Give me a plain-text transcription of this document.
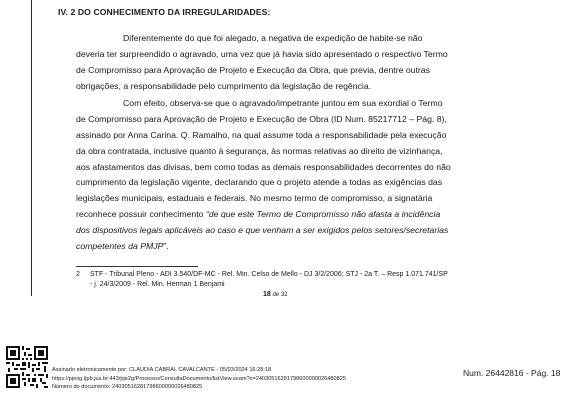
IV. 2 DO CONHECIMENTO DA IRREGULARIDADES:
Diferentemente do que foi alegado, a negativa de expedição de habite-se não
deveria ter surpreendido o agravado, uma vez que já havia sido apresentado o respectivo Termo
de Compromisso para Aprovação de Projeto e Execução da Obra, que previa, dentre outras
obrigações, a responsabilidade pelo cumprimento da legislação de regência.
Com efeito, observa-se que o agravado/impetrante juntou em sua exordial o Termo
de Compromisso para Aprovação de Projeto e Execução de Obra (ID Num. 85217712 – Pág. 8),
assinado por Anna Carina. Q. Ramalho, na qual assume toda a responsabilidade pela execução
da obra contratada, inclusive quanto à segurança, às normas relativas ao direito de vizinhança,
aos afastamentos das divisas, bem como todas as demais responsabilidades decorrentes do não
cumprimento da legislação vigente, declarando que o projeto atende a todas as exigências das
legislações municipais, estaduais e federais. No mesmo termo de compromisso, a signatária
reconhece possuir conhecimento “de que este Termo de Compromisso não afasta a incidência
dos dispositivos legais aplicáveis ao caso e que venham a ser exigidos pelos setores/secretarias
competentes da PMJP”.
2 STF - Tribunal Pleno - ADI 3.540/DF-MC - Rel. Min. Celso de Mello - DJ 3/2/2006; STJ - 2a T. – Resp 1.071.741/SP
- j. 24/3/2009 - Rel. Min. Herman 1 Benjami
18 de 32
Assinado eletronicamente por: CLAUDIA CABRAL CAVALCANTE - 05/03/2024 16:28:18
https://pjesg.tjpb.jus.br:443/pje2g/Processo/ConsultaDocumento/listView.seam?x=24030516281798600000026480825
Número do documento: 24030516281798600000026480825
Num. 26442816 - Pág. 18
